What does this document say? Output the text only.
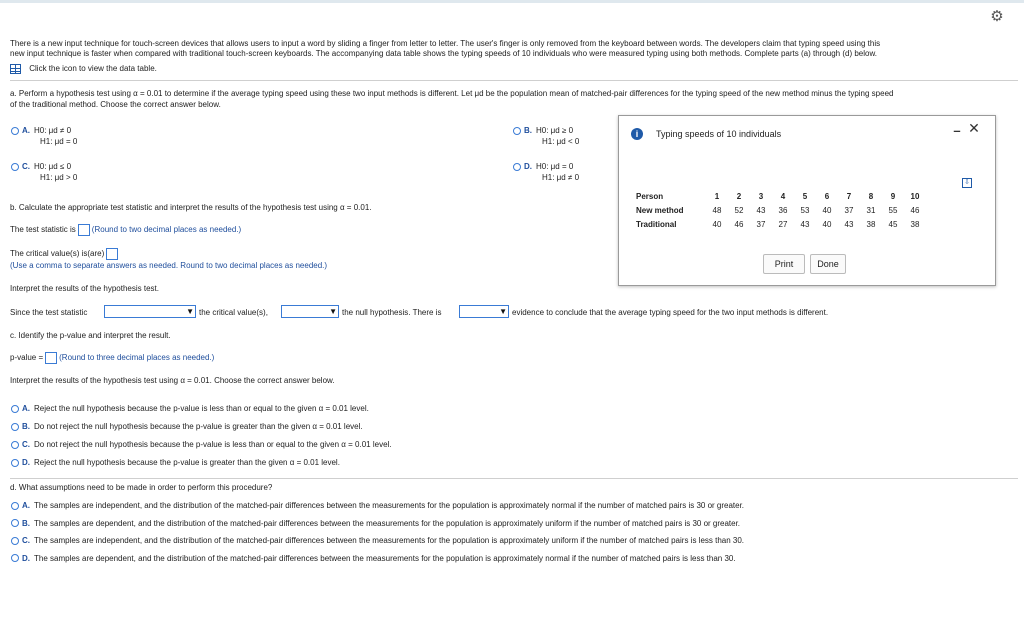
⚙
There is a new input technique for touch-screen devices that allows users to input a word by sliding a finger from letter to letter. The user's finger is only removed from the keyboard between words. The developers claim that typing speed using this
new input technique is faster when compared with traditional touch-screen keyboards. The accompanying data table shows the typing speeds of 10 individuals who were measured typing using both methods. Complete parts (a) through (d) below.
Click the icon to view the data table.
a. Perform a hypothesis test using α = 0.01 to determine if the average typing speed using these two input methods is different. Let μd be the population mean of matched-pair differences for the typing speed of the new method minus the typing speed
of the traditional method. Choose the correct answer below.
A. H0: μd ≠ 0
H1: μd = 0
B. H0: μd ≥ 0
H1: μd < 0
C. H0: μd ≤ 0
H1: μd > 0
D. H0: μd = 0
H1: μd ≠ 0
b. Calculate the appropriate test statistic and interpret the results of the hypothesis test using α = 0.01.
The test statistic is (Round to two decimal places as needed.)
The critical value(s) is(are)
(Use a comma to separate answers as needed. Round to two decimal places as needed.)
Interpret the results of the hypothesis test.
Since the test statistic	▼ the critical value(s),	▼ the null hypothesis. There is	▼ evidence to conclude that the average typing speed for the two input methods is different.
c. Identify the p-value and interpret the result.
p-value = (Round to three decimal places as needed.)
Interpret the results of the hypothesis test using α = 0.01. Choose the correct answer below.
A. Reject the null hypothesis because the p-value is less than or equal to the given α = 0.01 level.
B. Do not reject the null hypothesis because the p-value is greater than the given α = 0.01 level.
C. Do not reject the null hypothesis because the p-value is less than or equal to the given α = 0.01 level.
D. Reject the null hypothesis because the p-value is greater than the given α = 0.01 level.
d. What assumptions need to be made in order to perform this procedure?
A. The samples are independent, and the distribution of the matched-pair differences between the measurements for the population is approximately normal if the number of matched pairs is 30 or greater.
B. The samples are dependent, and the distribution of the matched-pair differences between the measurements for the population is approximately uniform if the number of matched pairs is 30 or greater.
C. The samples are independent, and the distribution of the matched-pair differences between the measurements for the population is approximately uniform if the number of matched pairs is less than 30.
D. The samples are dependent, and the distribution of the matched-pair differences between the measurements for the population is approximately normal if the number of matched pairs is less than 30.
i	Typing speeds of 10 individuals	– ✕
⇩
Person	1	2	3	4	5	6	7	8	9	10
New method	48	52	43	36	53	40	37	31	55	46
Traditional	40	46	37	27	43	40	43	38	45	38
Print	Done
